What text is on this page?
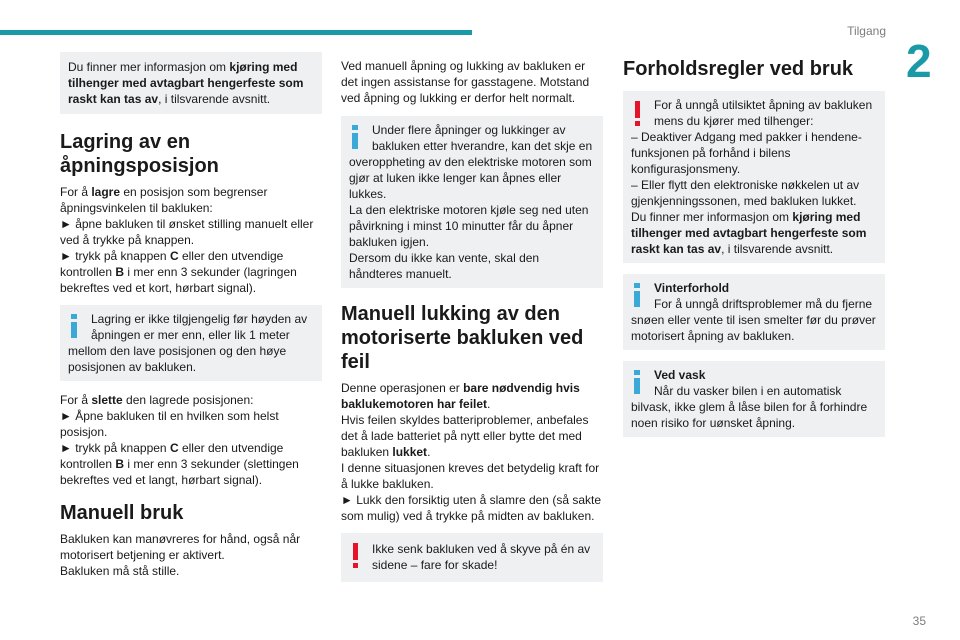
Tilgang
2
35
Du finner mer informasjon om kjøring med tilhenger med avtagbart hengerfeste som raskt kan tas av, i tilsvarende avsnitt.
Lagring av en åpningsposisjon

For å lagre en posisjon som begrenser åpningsvinkelen til bakluken:

► åpne bakluken til ønsket stilling manuelt eller ved å trykke på knappen.

► trykk på knappen C eller den utvendige kontrollen B i mer enn 3 sekunder (lagringen bekreftes ved et kort, hørbart signal).

Lagring er ikke tilgjengelig før høyden av åpningen er mer enn, eller lik 1 meter
mellom den lave posisjonen og den høye posisjonen av bakluken.

For å slette den lagrede posisjonen:

► Åpne bakluken til en hvilken som helst posisjon.

► trykk på knappen C eller den utvendige kontrollen B i mer enn 3 sekunder (slettingen bekreftes ved et langt, hørbart signal).

Manuell bruk

Bakluken kan manøvreres for hånd, også når motorisert betjening er aktivert.

Bakluken må stå stille.

Ved manuell åpning og lukking av bakluken er det ingen assistanse for gasstagene. Motstand ved åpning og lukking er derfor helt normalt.

Under flere åpninger og lukkinger av bakluken etter hverandre, kan det skje en
overoppheting av den elektriske motoren som gjør at luken ikke lenger kan åpnes eller lukkes.
La den elektriske motoren kjøle seg ned uten påvirkning i minst 10 minutter får du åpner bakluken igjen.
Dersom du ikke kan vente, skal den håndteres manuelt.
Manuell lukking av den motoriserte bakluken ved feil

Denne operasjonen er bare nødvendig hvis baklukemotoren har feilet.

Hvis feilen skyldes batteriproblemer, anbefales det å lade batteriet på nytt eller bytte det med bakluken lukket.

I denne situasjonen kreves det betydelig kraft for å lukke bakluken.

► Lukk den forsiktig uten å slamre den (så sakte som mulig) ved å trykke på midten av bakluken.

Ikke senk bakluken ved å skyve på én av sidene – fare for skade!
Forholdsregler ved bruk
For å unngå utilsiktet åpning av bakluken mens du kjører med tilhenger:
– Deaktiver Adgang med pakker i hendene-funksjonen på forhånd i bilens konfigurasjonsmeny.
– Eller flytt den elektroniske nøkkelen ut av gjenkjenningssonen, med bakluken lukket.
Du finner mer informasjon om kjøring med tilhenger med avtagbart hengerfeste som raskt kan tas av, i tilsvarende avsnitt.
Vinterforhold
For å unngå driftsproblemer må du fjerne
snøen eller vente til isen smelter før du prøver motorisert åpning av bakluken.
Ved vask
Når du vasker bilen i en automatisk
bilvask, ikke glem å låse bilen for å forhindre noen risiko for uønsket åpning.
